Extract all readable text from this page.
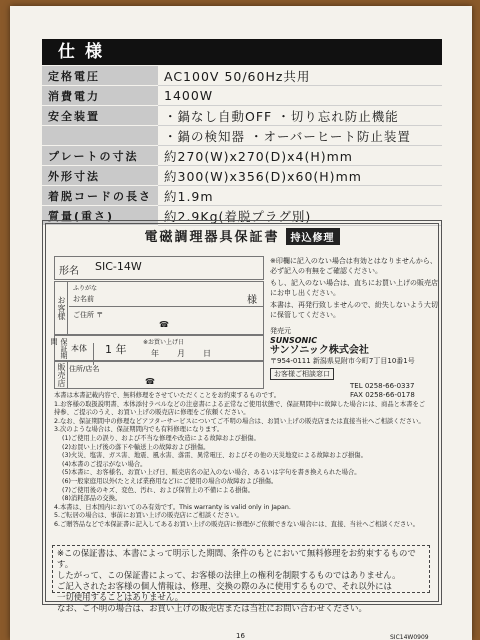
仕様
定格電圧	AC100V 50/60Hz共用
消費電力	1400W
安全装置	・鍋なし自動OFF ・切り忘れ防止機能
	・鍋の検知器 ・オーバーヒート防止装置
プレートの寸法	約270(W)x270(D)x4(H)mm
外形寸法	約300(W)x356(D)x60(H)mm
着脱コードの長さ	約1.9m
質量(重さ)	約2.9Kg(着脱プラグ別)
電磁調理器具保証書 持込修理
形名 SIC-14W
お客様
ふりがな
お名前	様
ご住所 〒
☎
保証期間
本体	1 年
※お買い上げ日
年月日
販売店 住所/店名
☎

※印欄に記入のない場合は有効とはなりませんから、必ず記入の有無をご確認ください。

もし、記入のない場合は、直ちにお買い上げの販売店にお申し出ください。

本書は、再発行致しませんので、紛失しないよう大切に保管してください。

発売元
SUNSONIC
サンソニック株式会社
〒954-0111 新潟県見附市今町7丁目10番1号
お客様ご相談窓口
TEL 0258-66-0337
FAX 0258-66-0178

本書は本書記載内容で、無料修理をさせていただくことをお約束するものです。

1.お客様の取扱説明書、本体添付ラベルなどの注意書による正常なご使用状態で、保証期間中に故障した場合には、商品と本書をご持参、ご提示のうえ、お買い上げの販売店に修理をご依頼ください。

2.なお、保証期間中の修理などアフターサービスについてご不明の場合は、お買い上げの販売店または直接当社へご相談ください。

3.次のような場合は、保証期間内でも有料修理になります。

(1)ご使用上の誤り、および不当な修理や改造による故障および損傷。

(2)お買い上げ後の落下や輸送上の故障および損傷。

(3)火災、塩害、ガス害、地震、風水害、落雷、異常電圧、およびその他の天災地変による故障および損傷。

(4)本書のご提示がない場合。

(5)本書に、お客様名、お買い上げ日、販売店名の記入のない場合、あるいは字句を書き換えられた場合。

(6)一般家庭用以外(たとえば業務用など)にご使用の場合の故障および損傷。

(7)ご使用後のキズ、変色、汚れ、および保管上の不備による損傷。

(8)消耗部品の交換。

4.本書は、日本国内においてのみ有効です。This warranty is valid only in Japan.

5.ご転居の場合は、事前にお買い上げの販売店にご相談ください。

6.ご贈答品などで本保証書に記入してあるお買い上げの販売店に修理がご依頼できない場合には、直接、当社へご相談ください。

※この保証書は、本書によって明示した期間、条件のもとにおいて無料修理をお約束するものです。

したがって、この保証書によって、お客様の法律上の権利を制限するものではありません。

ご記入されたお客様の個人情報は、修理、交換の際のみに使用するもので、それ以外には

一切使用することはありません。

なお、ご不明の場合は、お買い上げの販売店または当社にお問い合わせください。

16	SIC14W0909
